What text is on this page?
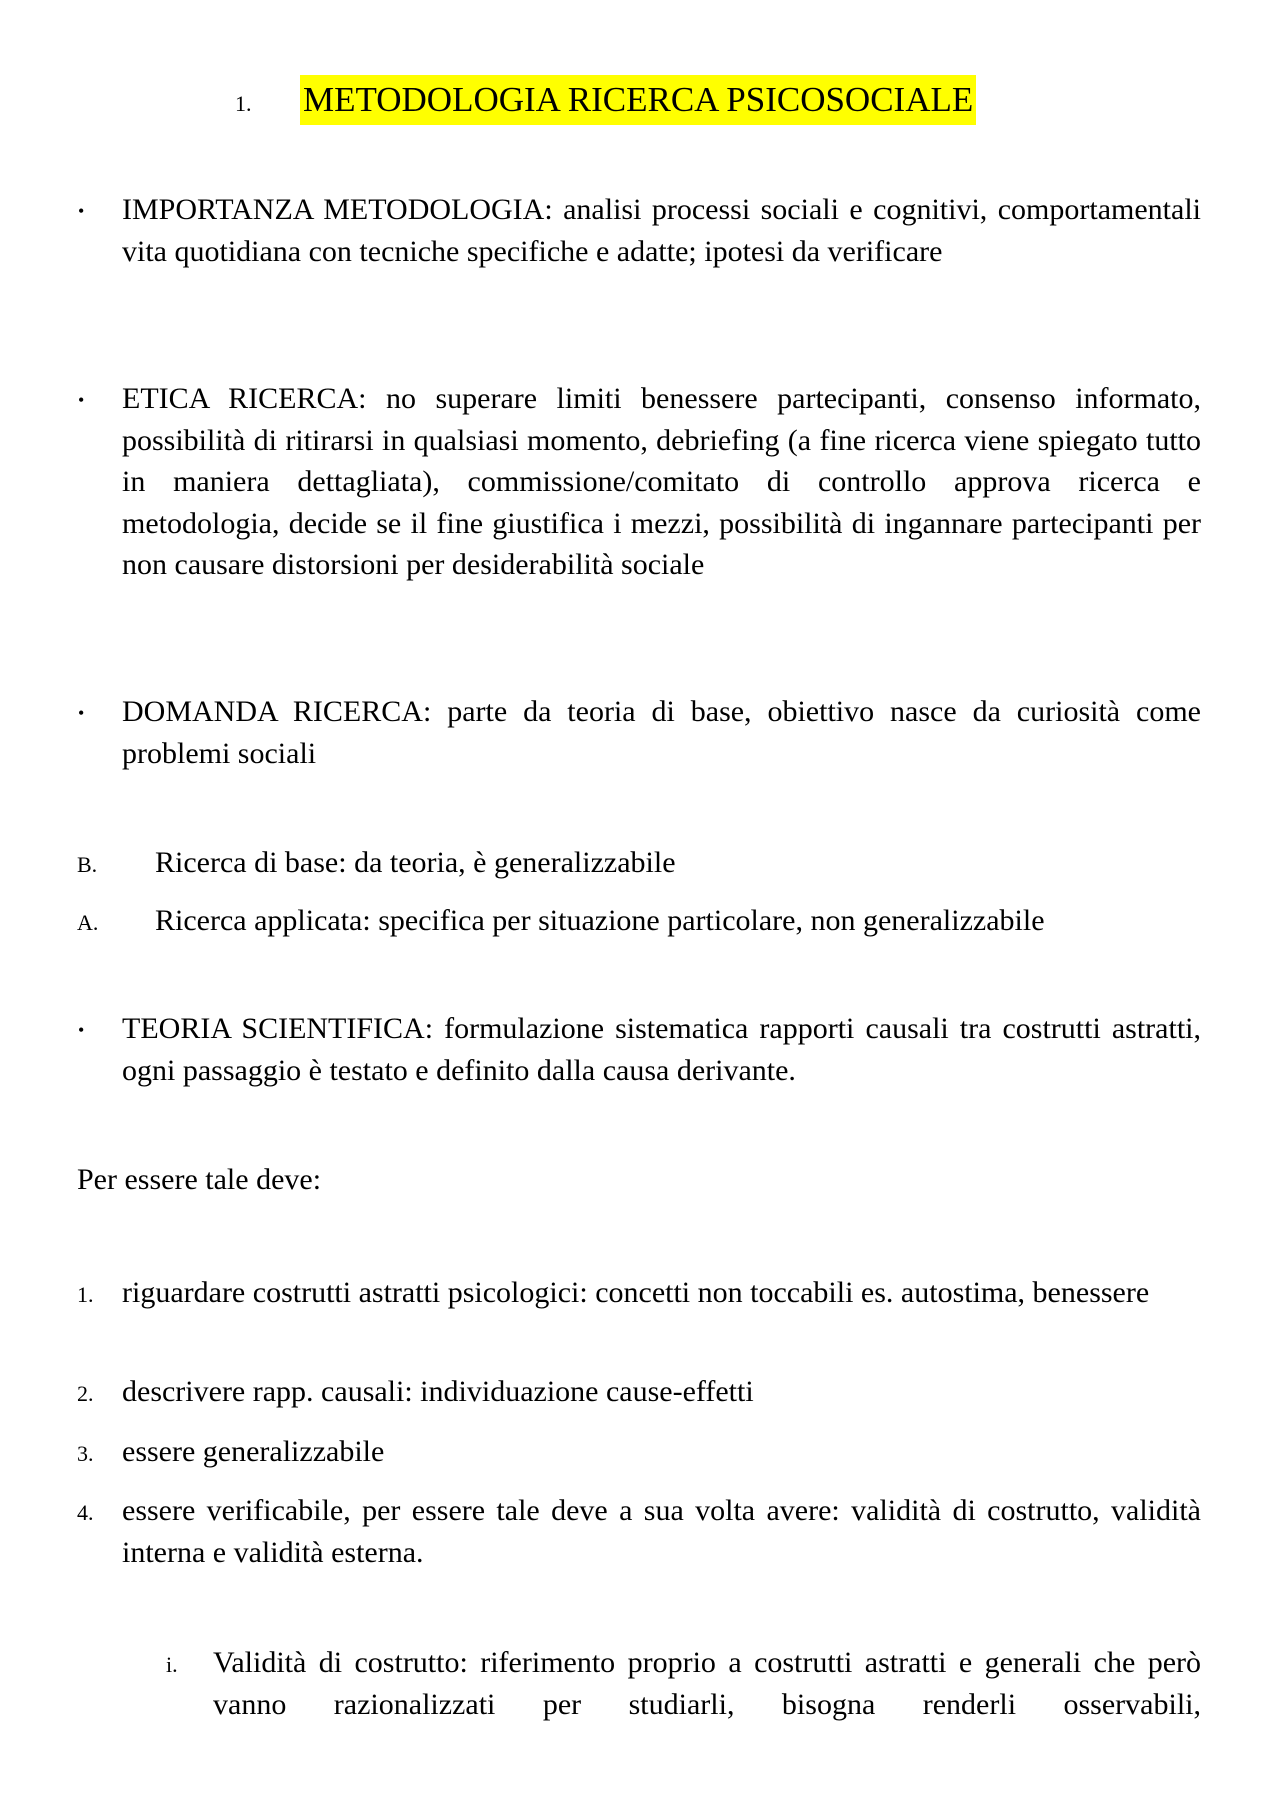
1. METODOLOGIA RICERCA PSICOSOCIALE
• IMPORTANZA METODOLOGIA: analisi processi sociali e cognitivi, comportamentali vita quotidiana con tecniche specifiche e adatte; ipotesi da verificare
• ETICA RICERCA: no superare limiti benessere partecipanti, consenso informato, possibilità di ritirarsi in qualsiasi momento, debriefing (a fine ricerca viene spiegato tutto in maniera dettagliata), commissione/comitato di controllo approva ricerca e metodologia, decide se il fine giustifica i mezzi, possibilità di ingannare partecipanti per non causare distorsioni per desiderabilità sociale
• DOMANDA RICERCA: parte da teoria di base, obiettivo nasce da curiosità come problemi sociali
B. Ricerca di base: da teoria, è generalizzabile
A. Ricerca applicata: specifica per situazione particolare, non generalizzabile
• TEORIA SCIENTIFICA: formulazione sistematica rapporti causali tra costrutti astratti, ogni passaggio è testato e definito dalla causa derivante.
Per essere tale deve:
1. riguardare costrutti astratti psicologici: concetti non toccabili es. autostima, benessere
2. descrivere rapp. causali: individuazione cause-effetti
3. essere generalizzabile
4. essere verificabile, per essere tale deve a sua volta avere: validità di costrutto, validità interna e validità esterna.
i. Validità di costrutto: riferimento proprio a costrutti astratti e generali che però vanno razionalizzati per studiarli, bisogna renderli osservabili,
